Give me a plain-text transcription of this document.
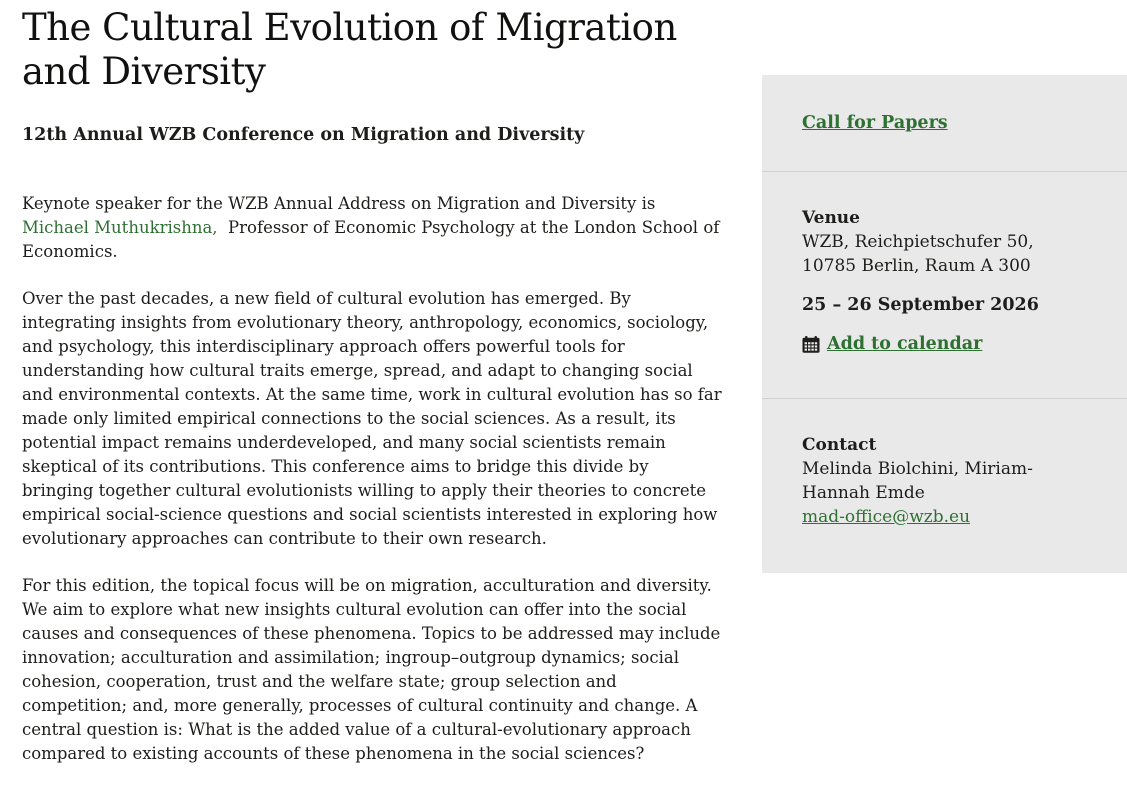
The Cultural Evolution of Migration and Diversity
12th Annual WZB Conference on Migration and Diversity

Keynote speaker for the WZB Annual Address on Migration and Diversity is Michael Muthukrishna,  Professor of Economic Psychology at the London School of Economics.

Over the past decades, a new field of cultural evolution has emerged. By integrating insights from evolutionary theory, anthropology, economics, sociology, and psychology, this interdisciplinary approach offers powerful tools for understanding how cultural traits emerge, spread, and adapt to changing social and environmental contexts. At the same time, work in cultural evolution has so far made only limited empirical connections to the social sciences. As a result, its potential impact remains underdeveloped, and many social scientists remain skeptical of its contributions. This conference aims to bridge this divide by bringing together cultural evolutionists willing to apply their theories to concrete empirical social-science questions and social scientists interested in exploring how evolutionary approaches can contribute to their own research.

For this edition, the topical focus will be on migration, acculturation and diversity. We aim to explore what new insights cultural evolution can offer into the social causes and consequences of these phenomena. Topics to be addressed may include innovation; acculturation and assimilation; ingroup–outgroup dynamics; social cohesion, cooperation, trust and the welfare state; group selection and competition; and, more generally, processes of cultural continuity and change. A central question is: What is the added value of a cultural-evolutionary approach compared to existing accounts of these phenomena in the social sciences?

Call for Papers
Venue
WZB, Reichpietschufer 50, 10785 Berlin, Raum A 300
25 – 26 September 2026
Add to calendar
Contact
Melinda Biolchini, Miriam-Hannah Emde
mad-office@wzb.eu
